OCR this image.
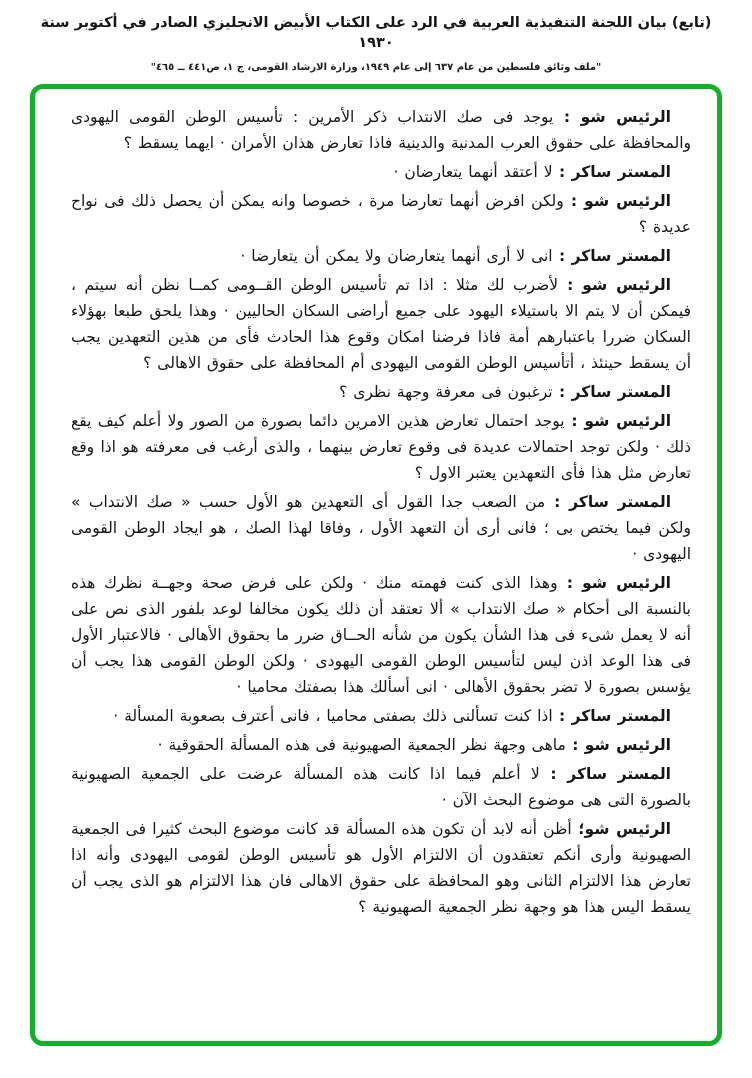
(تابع) بيان اللجنة التنفيذية العربية في الرد على الكتاب الأبيض الانجليزي الصادر في أكتوبر سنة ١٩٣٠
"ملف وثائق فلسطين من عام ٦٣٧ إلى عام ١٩٤٩، وزارة الارشاد القومى، ج ١، ص٤٤١ ــ ٤٦٥"

الرئيس شو : يوجد فى صك الانتداب ذكر الأمرين : تأسيس الوطن القومى اليهودى والمحافظة على حقوق العرب المدنية والدينية فاذا تعارض هذان الأمران · ايهما يسقط ؟

المستر ساكر : لا أعتقد أنهما يتعارضان ·

الرئيس شو : ولكن افرض أنهما تعارضا مرة ، خصوصا وانه يمكن أن يحصل ذلك فى نواح عديدة ؟

المستر ساكر : انى لا أرى أنهما يتعارضان ولا يمكن أن يتعارضا ·

الرئيس شو : لأضرب لك مثلا : اذا تم تأسيس الوطن القــومى كمــا نظن أنه سيتم ، فيمكن أن لا يتم الا باستيلاء اليهود على جميع أراضى السكان الحاليين · وهذا يلحق طبعا بهؤلاء السكان ضررا باعتبارهم أمة فاذا فرضنا امكان وقوع هذا الحادث فأى من هذين التعهدين يجب أن يسقط حينئذ ، أتأسيس الوطن القومى اليهودى أم المحافظة على حقوق الاهالى ؟

المستر ساكر : ترغبون فى معرفة وجهة نظرى ؟

الرئيس شو : يوجد احتمال تعارض هذين الامرين دائما بصورة من الصور ولا أعلم كيف يقع ذلك · ولكن توجد احتمالات عديدة فى وقوع تعارض بينهما ، والذى أرغب فى معرفته هو اذا وقع تعارض مثل هذا فأى التعهدين يعتبر الاول ؟

المستر ساكر : من الصعب جدا القول أى التعهدين هو الأول حسب « صك الانتداب » ولكن فيما يختص بى ؛ فانى أرى أن التعهد الأول ، وفاقا لهذا الصك ، هو ايجاد الوطن القومى اليهودى ·

الرئيس شو : وهذا الذى كنت فهمته منك · ولكن على فرض صحة وجهــة نظرك هذه بالنسبة الى أحكام « صك الانتداب » ألا تعتقد أن ذلك يكون مخالفا لوعد بلفور الذى نص على أنه لا يعمل شىء فى هذا الشأن يكون من شأنه الحــاق ضرر ما بحقوق الأهالى · فالاعتبار الأول فى هذا الوعد اذن ليس لتأسيس الوطن القومى اليهودى · ولكن الوطن القومى هذا يجب أن يؤسس بصورة لا تضر بحقوق الأهالى · انى أسألك هذا بصفتك محاميا ·

المستر ساكر : اذا كنت تسألنى ذلك بصفتى محاميا ، فانى أعترف بصعوبة المسألة ·

الرئيس شو : ماهى وجهة نظر الجمعية الصهيونية فى هذه المسألة الحقوقية ·

المستر ساكر : لا أعلم فيما اذا كانت هذه المسألة عرضت على الجمعية الصهيونية بالصورة التى هى موضوع البحث الآن ·

الرئيس شو؛ أظن أنه لابد أن تكون هذه المسألة قد كانت موضوع البحث كثيرا فى الجمعية الصهيونية وأرى أنكم تعتقدون أن الالتزام الأول هو تأسيس الوطن لقومى اليهودى وأنه اذا تعارض هذا الالتزام الثانى وهو المحافظة على حقوق الاهالى فان هذا الالتزام هو الذى يجب أن يسقط اليس هذا هو وجهة نظر الجمعية الصهيونية ؟
